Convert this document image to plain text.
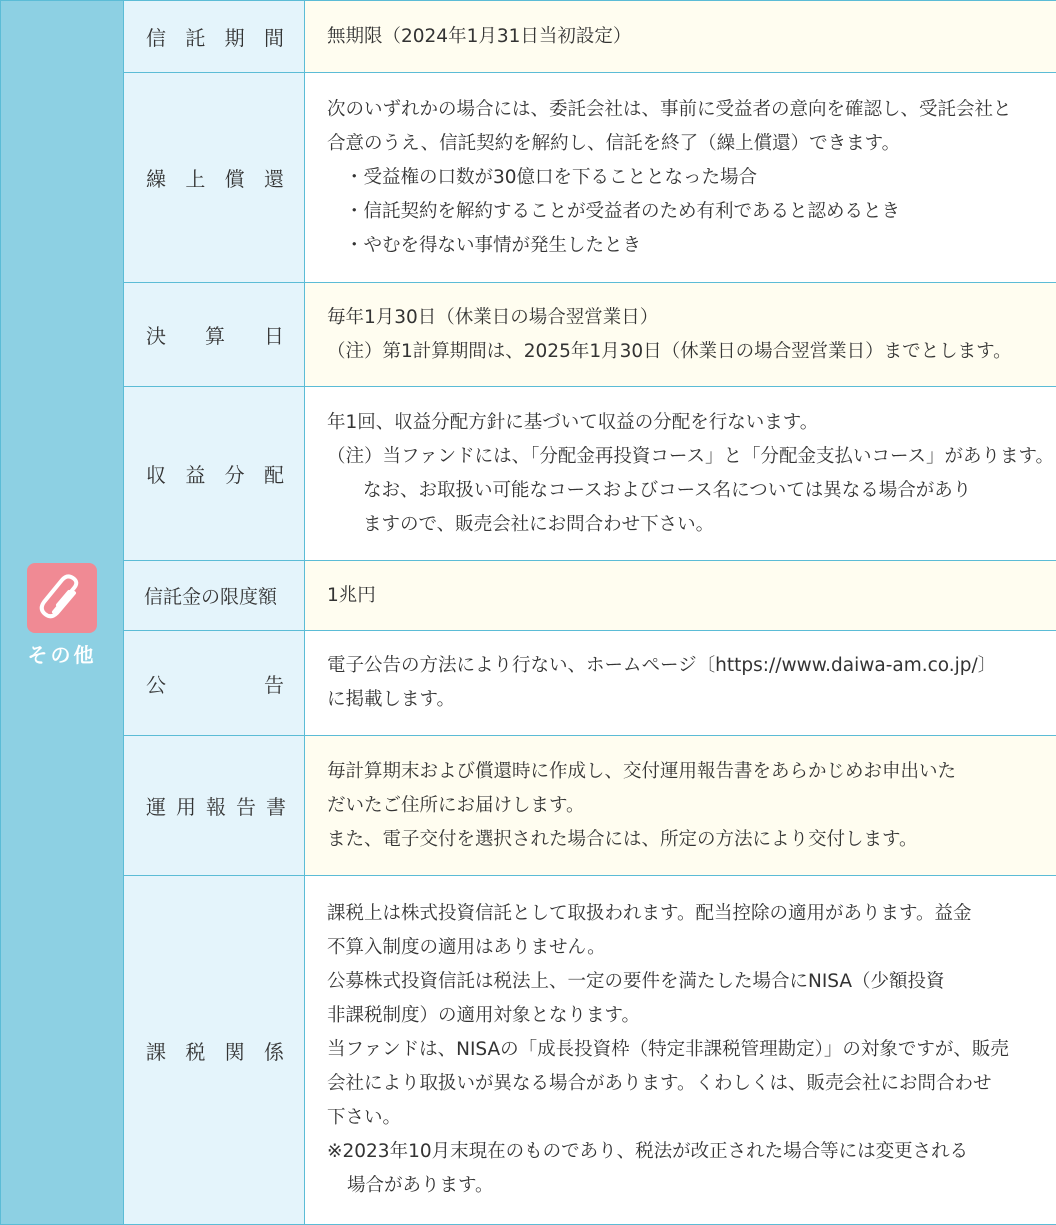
その他
信 託 期 間 無期限（2024年1月31日当初設定）
繰 上 償 還
次のいずれかの場合には、委託会社は、事前に受益者の意向を確認し、受託会社と
合意のうえ、信託契約を解約し、信託を終了（繰上償還）できます。
・受益権の口数が30億口を下ることとなった場合
・信託契約を解約することが受益者のため有利であると認めるとき
・やむを得ない事情が発生したとき
決 算 日
毎年1月30日（休業日の場合翌営業日）
（注）第1計算期間は、2025年1月30日（休業日の場合翌営業日）までとします。
収 益 分 配
年1回、収益分配方針に基づいて収益の分配を行ないます。
（注）当ファンドには、「分配金再投資コース」と「分配金支払いコース」があります。
なお、お取扱い可能なコースおよびコース名については異なる場合があり
ますので、販売会社にお問合わせ下さい。
信託金の限度額	1兆円
公	告
電子公告の方法により行ない、ホームページ〔https://www.daiwa-am.co.jp/〕
に掲載します。
運 用 報 告 書
毎計算期末および償還時に作成し、交付運用報告書をあらかじめお申出いた
だいたご住所にお届けします。
また、電子交付を選択された場合には、所定の方法により交付します。
課 税 関 係
課税上は株式投資信託として取扱われます。配当控除の適用があります。益金
不算入制度の適用はありません。
公募株式投資信託は税法上、一定の要件を満たした場合にNISA（少額投資
非課税制度）の適用対象となります。
当ファンドは、NISAの「成長投資枠（特定非課税管理勘定）」の対象ですが、販売
会社により取扱いが異なる場合があります。くわしくは、販売会社にお問合わせ
下さい。
※2023年10月末現在のものであり、税法が改正された場合等には変更される
場合があります。
